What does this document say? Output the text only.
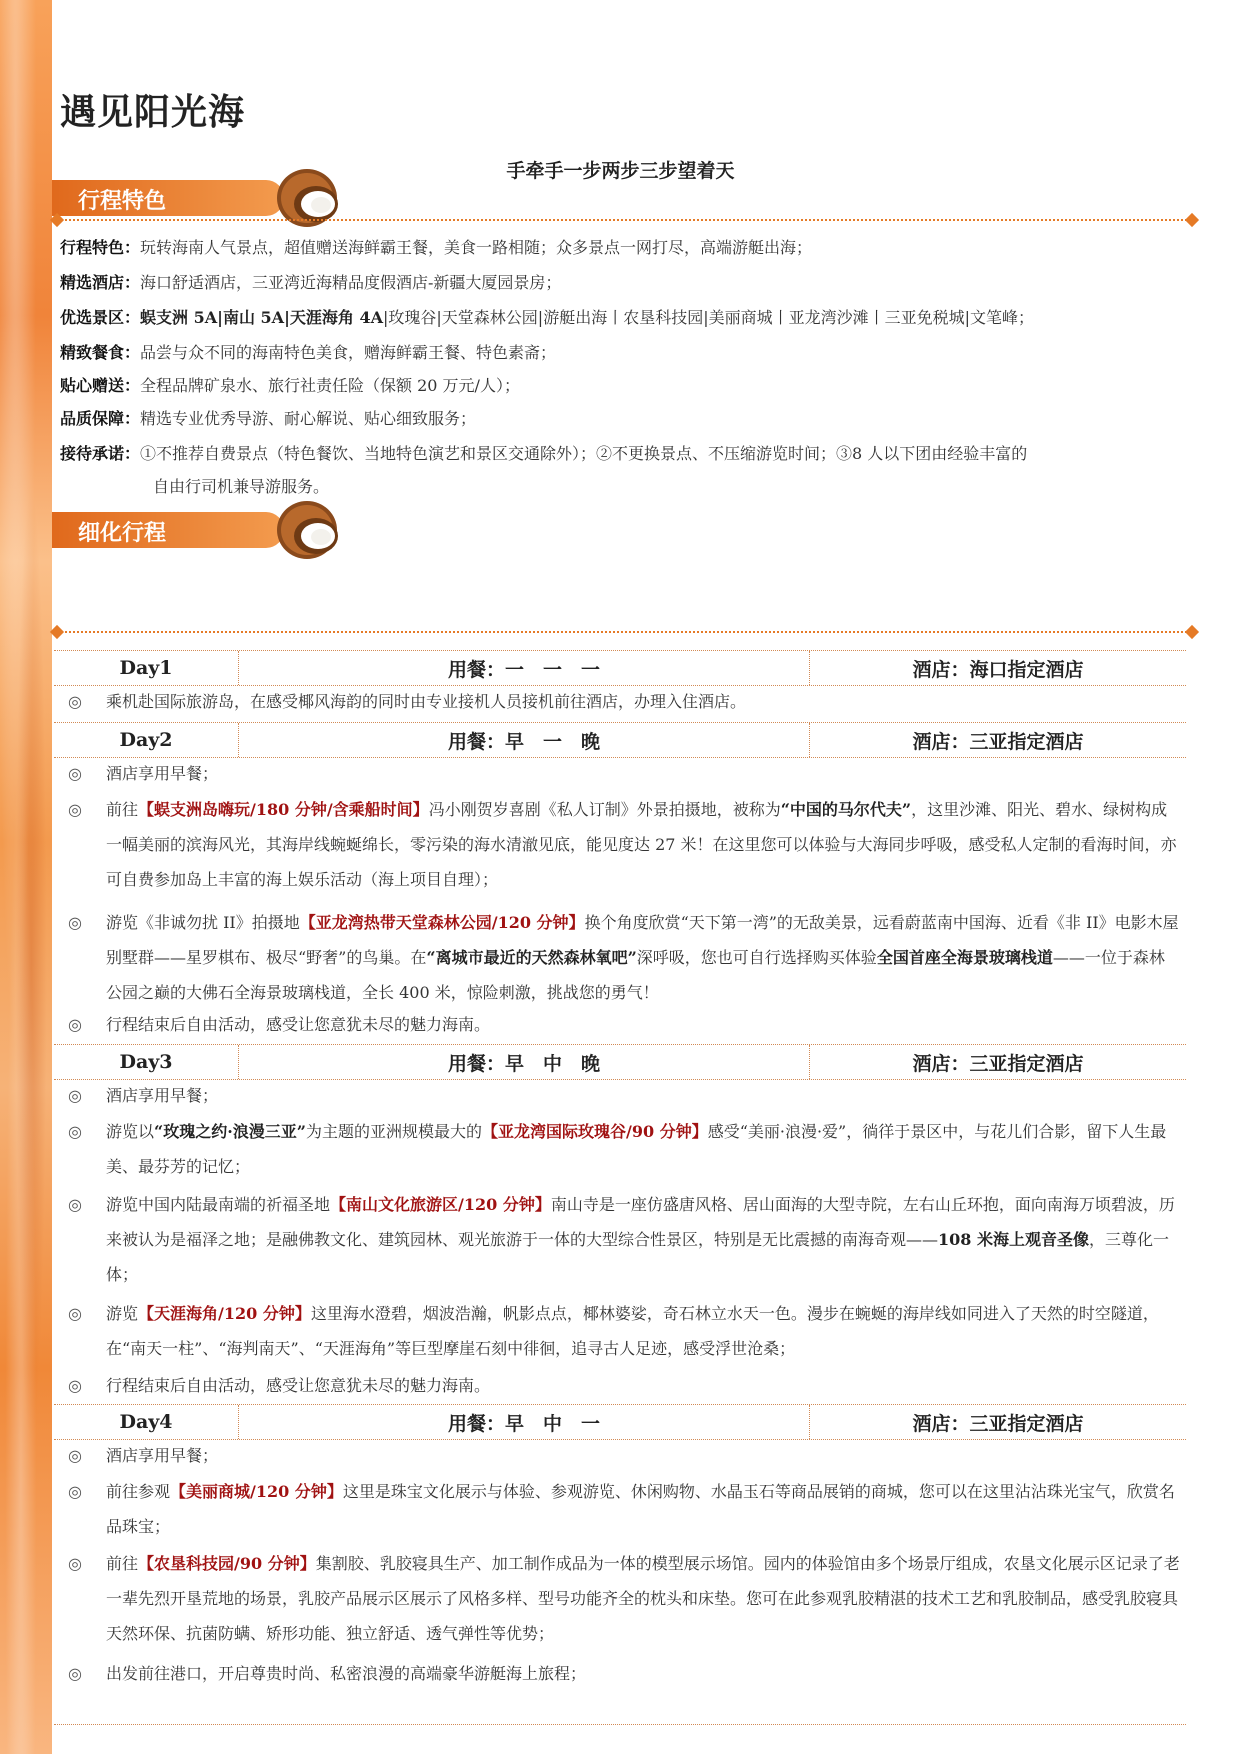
遇见阳光海
手牵手一步两步三步望着天
行程特色
行程特色：玩转海南人气景点，超值赠送海鲜霸王餐，美食一路相随；众多景点一网打尽，高端游艇出海；
精选酒店：海口舒适酒店，三亚湾近海精品度假酒店-新疆大厦园景房；
优选景区：蜈支洲 5A|南山 5A|天涯海角 4A|玫瑰谷|天堂森林公园|游艇出海丨农垦科技园|美丽商城丨亚龙湾沙滩丨三亚免税城|文笔峰；
精致餐食：品尝与众不同的海南特色美食，赠海鲜霸王餐、特色素斋；
贴心赠送：全程品牌矿泉水、旅行社责任险（保额 20 万元/人）；
品质保障：精选专业优秀导游、耐心解说、贴心细致服务；
接待承诺：①不推荐自费景点（特色餐饮、当地特色演艺和景区交通除外）；②不更换景点、不压缩游览时间；③8 人以下团由经验丰富的
自由行司机兼导游服务。
细化行程
Day1	用餐：一　一　一	酒店：海口指定酒店
◎	乘机赴国际旅游岛，在感受椰风海韵的同时由专业接机人员接机前往酒店，办理入住酒店。
Day2	用餐：早　一　晚	酒店：三亚指定酒店
◎	酒店享用早餐；
◎	前往【蜈支洲岛嗨玩/180 分钟/含乘船时间】冯小刚贺岁喜剧《私人订制》外景拍摄地，被称为“中国的马尔代夫”，这里沙滩、阳光、碧水、绿树构成一幅美丽的滨海风光，其海岸线蜿蜒绵长，零污染的海水清澈见底，能见度达 27 米！在这里您可以体验与大海同步呼吸，感受私人定制的看海时间，亦可自费参加岛上丰富的海上娱乐活动（海上项目自理）；
◎	游览《非诚勿扰 II》拍摄地【亚龙湾热带天堂森林公园/120 分钟】换个角度欣赏“天下第一湾”的无敌美景，远看蔚蓝南中国海、近看《非 II》电影木屋别墅群——星罗棋布、极尽“野奢”的鸟巢。在“离城市最近的天然森林氧吧”深呼吸，您也可自行选择购买体验全国首座全海景玻璃栈道——一位于森林公园之巅的大佛石全海景玻璃栈道，全长 400 米，惊险刺激，挑战您的勇气！
◎	行程结束后自由活动，感受让您意犹未尽的魅力海南。
Day3	用餐：早　中　晚	酒店：三亚指定酒店
◎	酒店享用早餐；
◎	游览以“玫瑰之约·浪漫三亚”为主题的亚洲规模最大的【亚龙湾国际玫瑰谷/90 分钟】感受“美丽·浪漫·爱”，徜徉于景区中，与花儿们合影，留下人生最美、最芬芳的记忆；
◎	游览中国内陆最南端的祈福圣地【南山文化旅游区/120 分钟】南山寺是一座仿盛唐风格、居山面海的大型寺院，左右山丘环抱，面向南海万顷碧波，历来被认为是福泽之地；是融佛教文化、建筑园林、观光旅游于一体的大型综合性景区，特别是无比震撼的南海奇观——108 米海上观音圣像，三尊化一体；
◎	游览【天涯海角/120 分钟】这里海水澄碧，烟波浩瀚，帆影点点，椰林婆娑，奇石林立水天一色。漫步在蜿蜒的海岸线如同进入了天然的时空隧道，在“南天一柱”、“海判南天”、“天涯海角”等巨型摩崖石刻中徘徊，追寻古人足迹，感受浮世沧桑；
◎	行程结束后自由活动，感受让您意犹未尽的魅力海南。
Day4	用餐：早　中　一	酒店：三亚指定酒店
◎	酒店享用早餐；
◎	前往参观【美丽商城/120 分钟】这里是珠宝文化展示与体验、参观游览、休闲购物、水晶玉石等商品展销的商城，您可以在这里沾沾珠光宝气，欣赏名品珠宝；
◎	前往【农垦科技园/90 分钟】集割胶、乳胶寝具生产、加工制作成品为一体的模型展示场馆。园内的体验馆由多个场景厅组成，农垦文化展示区记录了老一辈先烈开垦荒地的场景，乳胶产品展示区展示了风格多样、型号功能齐全的枕头和床垫。您可在此参观乳胶精湛的技术工艺和乳胶制品，感受乳胶寝具天然环保、抗菌防螨、矫形功能、独立舒适、透气弹性等优势；
◎	出发前往港口，开启尊贵时尚、私密浪漫的高端豪华游艇海上旅程；
